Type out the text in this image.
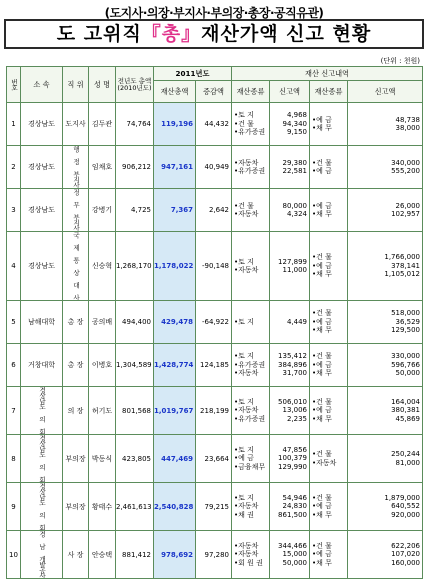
(도지사·의장·부지사·부의장·총장·공직유관)
도 고위직『총』재산가액 신고 현황
(단위 : 천원)
번호	소 속	직 위	성 명	전년도 총액 (2010년도)	2011년도		재산 신고내역			
					재산총액	증감액	재산종류	신고액	재산종류	신고액
1	경상남도	도지사	김두관	74,764	119,196	44,432	•토 지
•건 물
•유가증권	4,968
94,340
9,150	•예 금
•채 무	48,738
38,000

2	경상남도	행 정 부지사	임채호	906,212	947,161	40,949	•자동차
•유가증권	29,380
22,581	•건 물
•예 금	340,000
555,200

3	경상남도	정 무 부지사	강병기	4,725	7,367	2,642	•건 물
•자동차	80,000
4,324	•예 금
•채 무	26,000
102,957

4	경상남도	국 제 통 상 대 사	신승혁	1,268,170	1,178,022	-90,148	•토 지
•자동차	127,899
11,000	•건 물
•예 금
•채 무	1,766,000
378,141
1,105,012

5	남해대학	총 장	공의배	494,400	429,478	-64,922	•토 지	4,449	•건 물
•예 금
•채 무	518,000
36,529
129,500

6	거창대학	총 장	이병호	1,304,589	1,428,774	124,185	•토 지
•유가증권
•자동차	135,412
384,896
31,700	•건 물
•예 금
•채 무	330,000
596,766
50,000

7	경상남도 의 회	의 장	허기도	801,568	1,019,767	218,199	•토 지
•자동차
•유가증권	506,010
13,006
2,235	•건 물
•예 금
•채 무	164,004
380,381
45,869

8	경상남도 의 회	부의장	박동식	423,805	447,469	23,664	•토 지
•예 금
•금융채무	47,856
100,379
129,990	•건 물
•자동차	250,244
81,000

9	경상남도 의 회	부의장	황태수	2,461,613	2,540,828	79,215	•토 지
•자동차
•채 권	54,946
24,830
861,500	•건 물
•예 금
•채 무	1,879,000
640,552
920,000

10	경 남 개발공사	사 장	안승택	881,412	978,692	97,280	•자동차
•자동차
•회 원 권	344,466
15,000
50,000	•건 물
•예 금
•채 무	622,206
107,020
160,000
